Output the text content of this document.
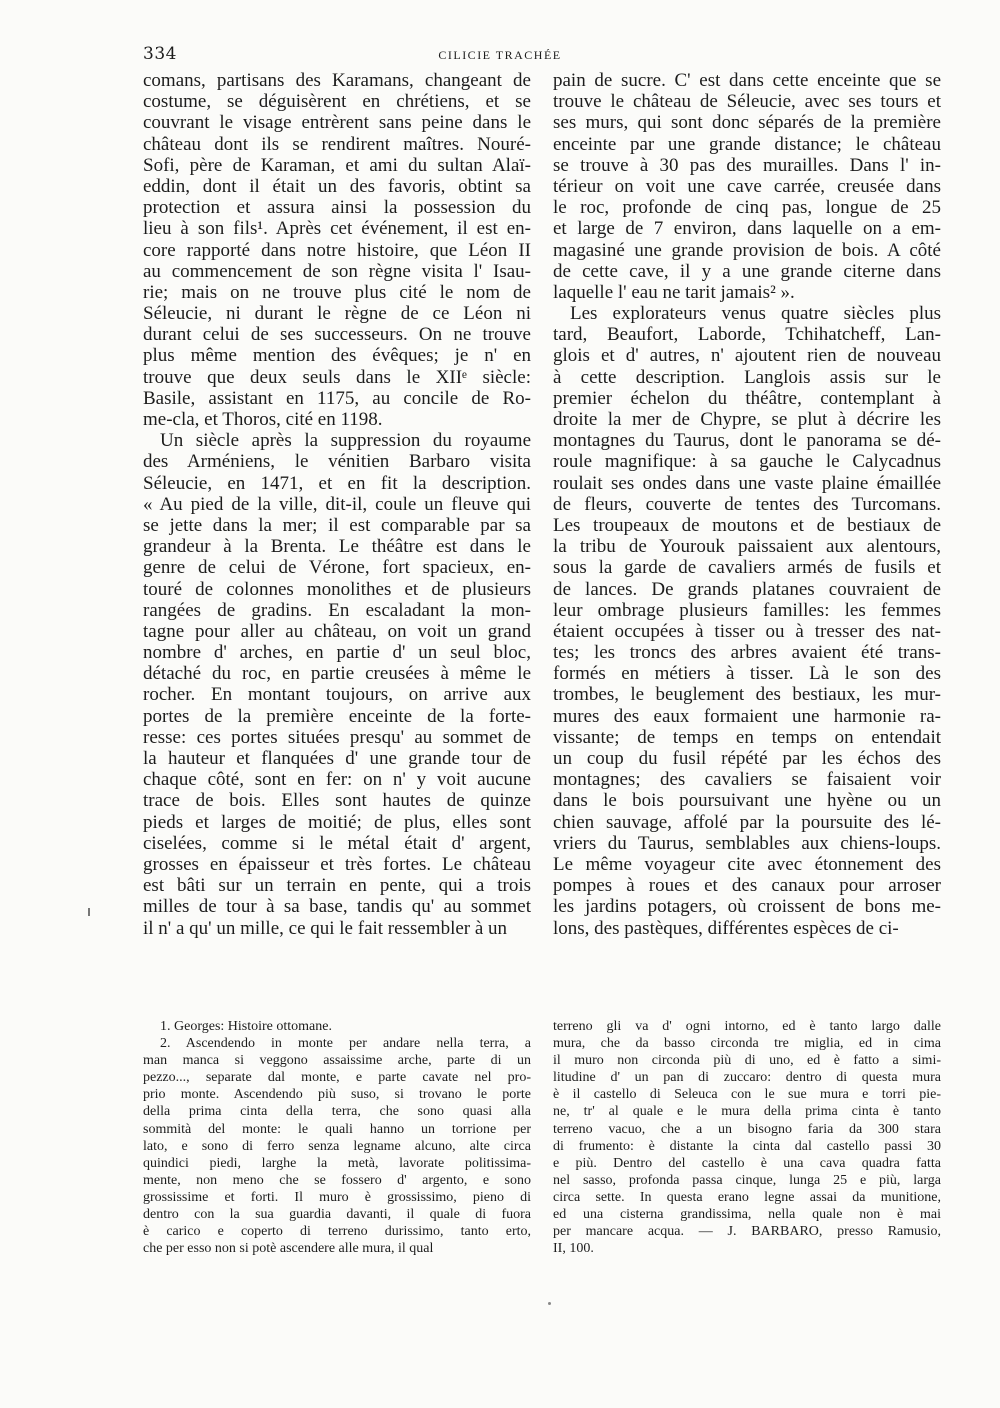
334	CILICIE TRACHÉE
comans, partisans des Karamans, changeant de
costume, se déguisèrent en chrétiens, et se
couvrant le visage entrèrent sans peine dans le
château dont ils se rendirent maîtres. Nouré-
Sofi, père de Karaman, et ami du sultan Alaï-
eddin, dont il était un des favoris, obtint sa
protection et assura ainsi la possession du
lieu à son fils¹. Après cet événement, il est en-
core rapporté dans notre histoire, que Léon II
au commencement de son règne visita l' Isau-
rie; mais on ne trouve plus cité le nom de
Séleucie, ni durant le règne de ce Léon ni
durant celui de ses successeurs. On ne trouve
plus même mention des évêques; je n' en
trouve que deux seuls dans le XIIᵉ siècle:
Basile, assistant en 1175, au concile de Ro-
me-cla, et Thoros, cité en 1198.
Un siècle après la suppression du royaume
des Arméniens, le vénitien Barbaro visita
Séleucie, en 1471, et en fit la description.
« Au pied de la ville, dit-il, coule un fleuve qui
se jette dans la mer; il est comparable par sa
grandeur à la Brenta. Le théâtre est dans le
genre de celui de Vérone, fort spacieux, en-
touré de colonnes monolithes et de plusieurs
rangées de gradins. En escaladant la mon-
tagne pour aller au château, on voit un grand
nombre d' arches, en partie d' un seul bloc,
détaché du roc, en partie creusées à même le
rocher. En montant toujours, on arrive aux
portes de la première enceinte de la forte-
resse: ces portes situées presqu' au sommet de
la hauteur et flanquées d' une grande tour de
chaque côté, sont en fer: on n' y voit aucune
trace de bois. Elles sont hautes de quinze
pieds et larges de moitié; de plus, elles sont
ciselées, comme si le métal était d' argent,
grosses en épaisseur et très fortes. Le château
est bâti sur un terrain en pente, qui a trois
milles de tour à sa base, tandis qu' au sommet
il n' a qu' un mille, ce qui le fait ressembler à un
pain de sucre. C' est dans cette enceinte que se
trouve le château de Séleucie, avec ses tours et
ses murs, qui sont donc séparés de la première
enceinte par une grande distance; le château
se trouve à 30 pas des murailles. Dans l' in-
térieur on voit une cave carrée, creusée dans
le roc, profonde de cinq pas, longue de 25
et large de 7 environ, dans laquelle on a em-
magasiné une grande provision de bois. A côté
de cette cave, il y a une grande citerne dans
laquelle l' eau ne tarit jamais² ».
Les explorateurs venus quatre siècles plus
tard, Beaufort, Laborde, Tchihatcheff, Lan-
glois et d' autres, n' ajoutent rien de nouveau
à cette description. Langlois assis sur le
premier échelon du théâtre, contemplant à
droite la mer de Chypre, se plut à décrire les
montagnes du Taurus, dont le panorama se dé-
roule magnifique: à sa gauche le Calycadnus
roulait ses ondes dans une vaste plaine émaillée
de fleurs, couverte de tentes des Turcomans.
Les troupeaux de moutons et de bestiaux de
la tribu de Yourouk paissaient aux alentours,
sous la garde de cavaliers armés de fusils et
de lances. De grands platanes couvraient de
leur ombrage plusieurs familles: les femmes
étaient occupées à tisser ou à tresser des nat-
tes; les troncs des arbres avaient été trans-
formés en métiers à tisser. Là le son des
trombes, le beuglement des bestiaux, les mur-
mures des eaux formaient une harmonie ra-
vissante; de temps en temps on entendait
un coup du fusil répété par les échos des
montagnes; des cavaliers se faisaient voir
dans le bois poursuivant une hyène ou un
chien sauvage, affolé par la poursuite des lé-
vriers du Taurus, semblables aux chiens-loups.
Le même voyageur cite avec étonnement des
pompes à roues et des canaux pour arroser
les jardins potagers, où croissent de bons me-
lons, des pastèques, différentes espèces de ci-
1. Georges: Histoire ottomane.
2. Ascendendo in monte per andare nella terra, a
man manca si veggono assaissime arche, parte di un
pezzo..., separate dal monte, e parte cavate nel pro-
prio monte. Ascendendo più suso, si trovano le porte
della prima cinta della terra, che sono quasi alla
sommità del monte: le quali hanno un torrione per
lato, e sono di ferro senza legname alcuno, alte circa
quindici piedi, larghe la metà, lavorate politissima-
mente, non meno che se fossero d' argento, e sono
grossissime et forti. Il muro è grossissimo, pieno di
dentro con la sua guardia davanti, il quale di fuora
è carico e coperto di terreno durissimo, tanto erto,
che per esso non si potè ascendere alle mura, il qual
terreno gli va d' ogni intorno, ed è tanto largo dalle
mura, che da basso circonda tre miglia, ed in cima
il muro non circonda più di uno, ed è fatto a simi-
litudine d' un pan di zuccaro: dentro di questa mura
è il castello di Seleuca con le sue mura e torri pie-
ne, tr' al quale e le mura della prima cinta è tanto
terreno vacuo, che a un bisogno faria da 300 stara
di frumento: è distante la cinta dal castello passi 30
e più. Dentro del castello è una cava quadra fatta
nel sasso, profonda passa cinque, lunga 25 e più, larga
circa sette. In questa erano legne assai da munitione,
ed una cisterna grandissima, nella quale non è mai
per mancare acqua. — J. BARBARO, presso Ramusio,
II, 100.
